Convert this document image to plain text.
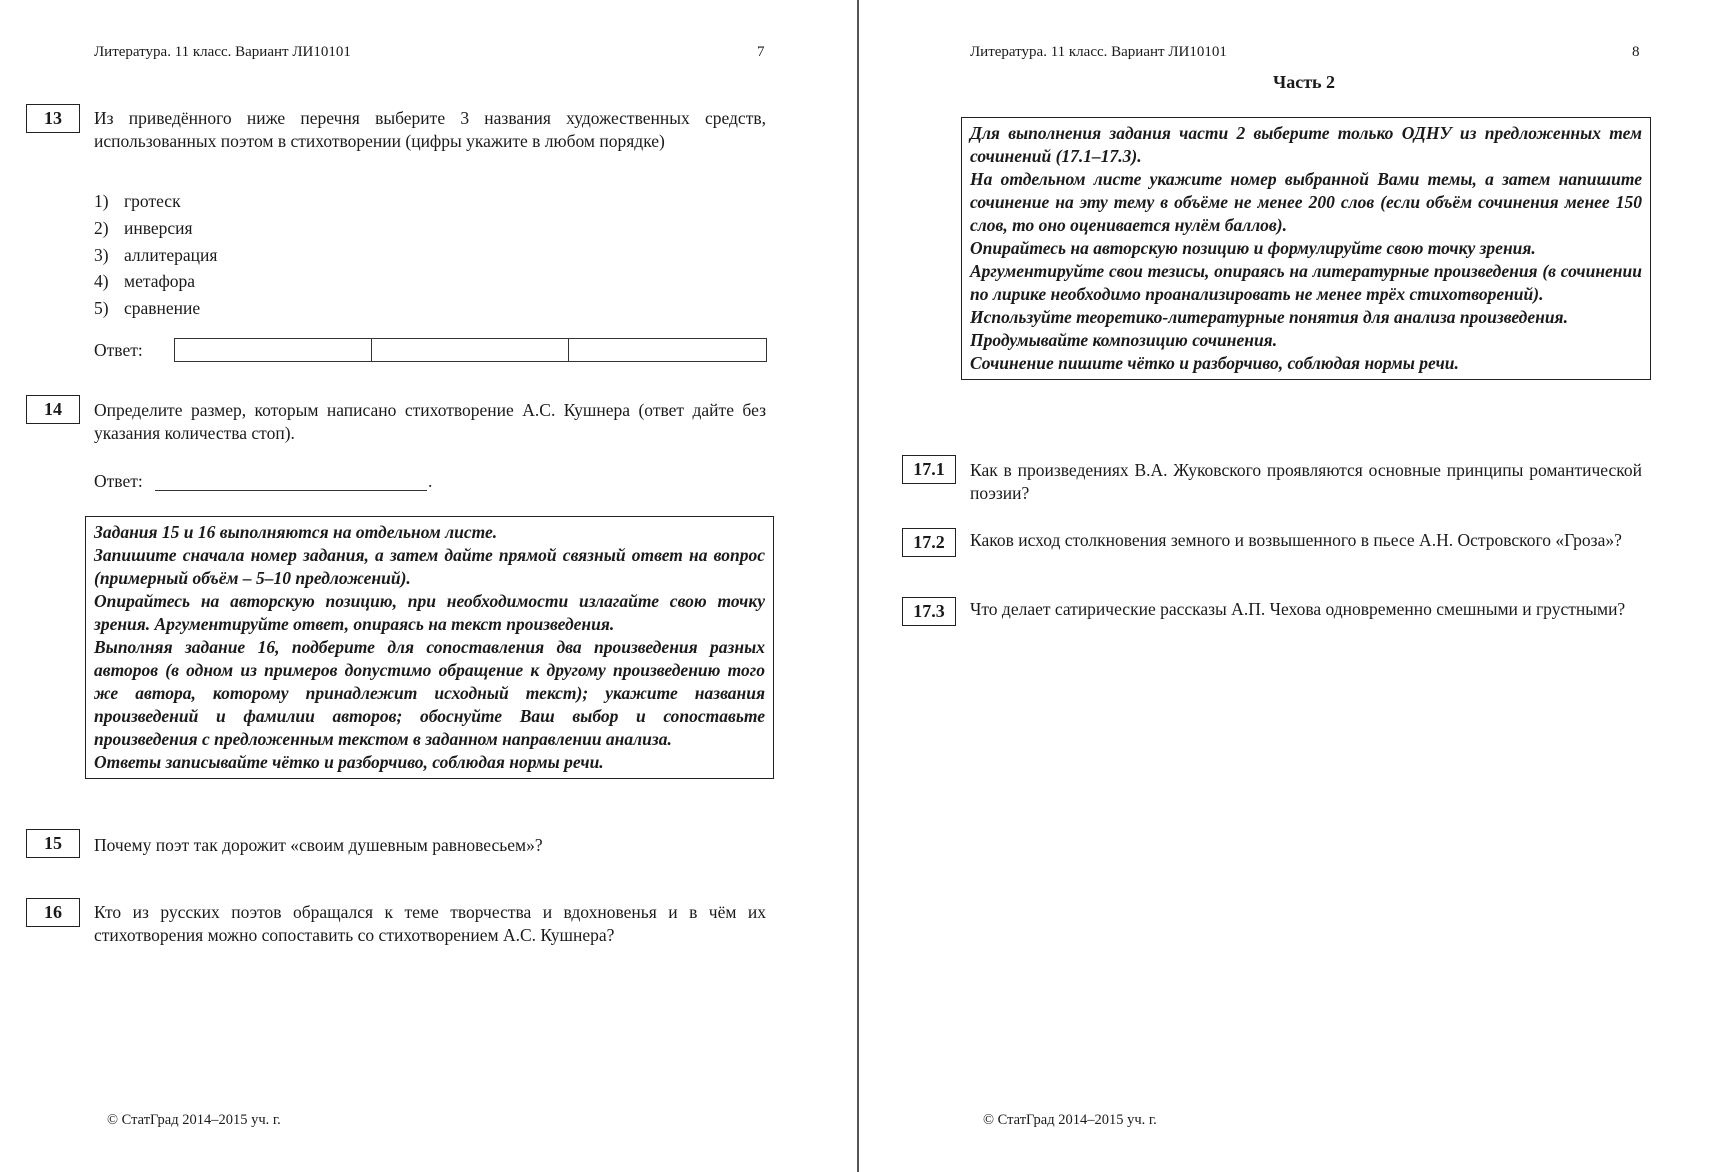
Литература. 11 класс. Вариант ЛИ10101	7
13	Из приведённого ниже перечня выберите 3 названия художественных средств, использованных поэтом в стихотворении (цифры укажите в любом порядке)
1) гротеск
2) инверсия
3) аллитерация
4) метафора
5) сравнение
Ответ:
14	Определите размер, которым написано стихотворение А.С. Кушнера (ответ дайте без указания количества стоп).
Ответ:	.

Задания 15 и 16 выполняются на отдельном листе.

Запишите сначала номер задания, а затем дайте прямой связный ответ на вопрос (примерный объём – 5–10 предложений).

Опирайтесь на авторскую позицию, при необходимости излагайте свою точку зрения. Аргументируйте ответ, опираясь на текст произведения.

Выполняя задание 16, подберите для сопоставления два произведения разных авторов (в одном из примеров допустимо обращение к другому произведению того же автора, которому принадлежит исходный текст); укажите названия произведений и фамилии авторов; обоснуйте Ваш выбор и сопоставьте произведения с предложенным текстом в заданном направлении анализа.

Ответы записывайте чётко и разборчиво, соблюдая нормы речи.

15	Почему поэт так дорожит «своим душевным равновесьем»?
16	Кто из русских поэтов обращался к теме творчества и вдохновенья и в чём их стихотворения можно сопоставить со стихотворением А.С. Кушнера?
© СтатГрад 2014–2015 уч. г.
Литература. 11 класс. Вариант ЛИ10101	8
Часть 2

Для выполнения задания части 2 выберите только ОДНУ из предложенных тем сочинений (17.1–17.3).

На отдельном листе укажите номер выбранной Вами темы, а затем напишите сочинение на эту тему в объёме не менее 200 слов (если объём сочинения менее 150 слов, то оно оценивается нулём баллов).

Опирайтесь на авторскую позицию и формулируйте свою точку зрения.

Аргументируйте свои тезисы, опираясь на литературные произведения (в сочинении по лирике необходимо проанализировать не менее трёх стихотворений).

Используйте теоретико-литературные понятия для анализа произведения.

Продумывайте композицию сочинения.

Сочинение пишите чётко и разборчиво, соблюдая нормы речи.

17.1	Как в произведениях В.А. Жуковского проявляются основные принципы романтической поэзии?
17.2	Каков исход столкновения земного и возвышенного в пьесе А.Н. Островского «Гроза»?
17.3	Что делает сатирические рассказы А.П. Чехова одновременно смешными и грустными?
© СтатГрад 2014–2015 уч. г.
